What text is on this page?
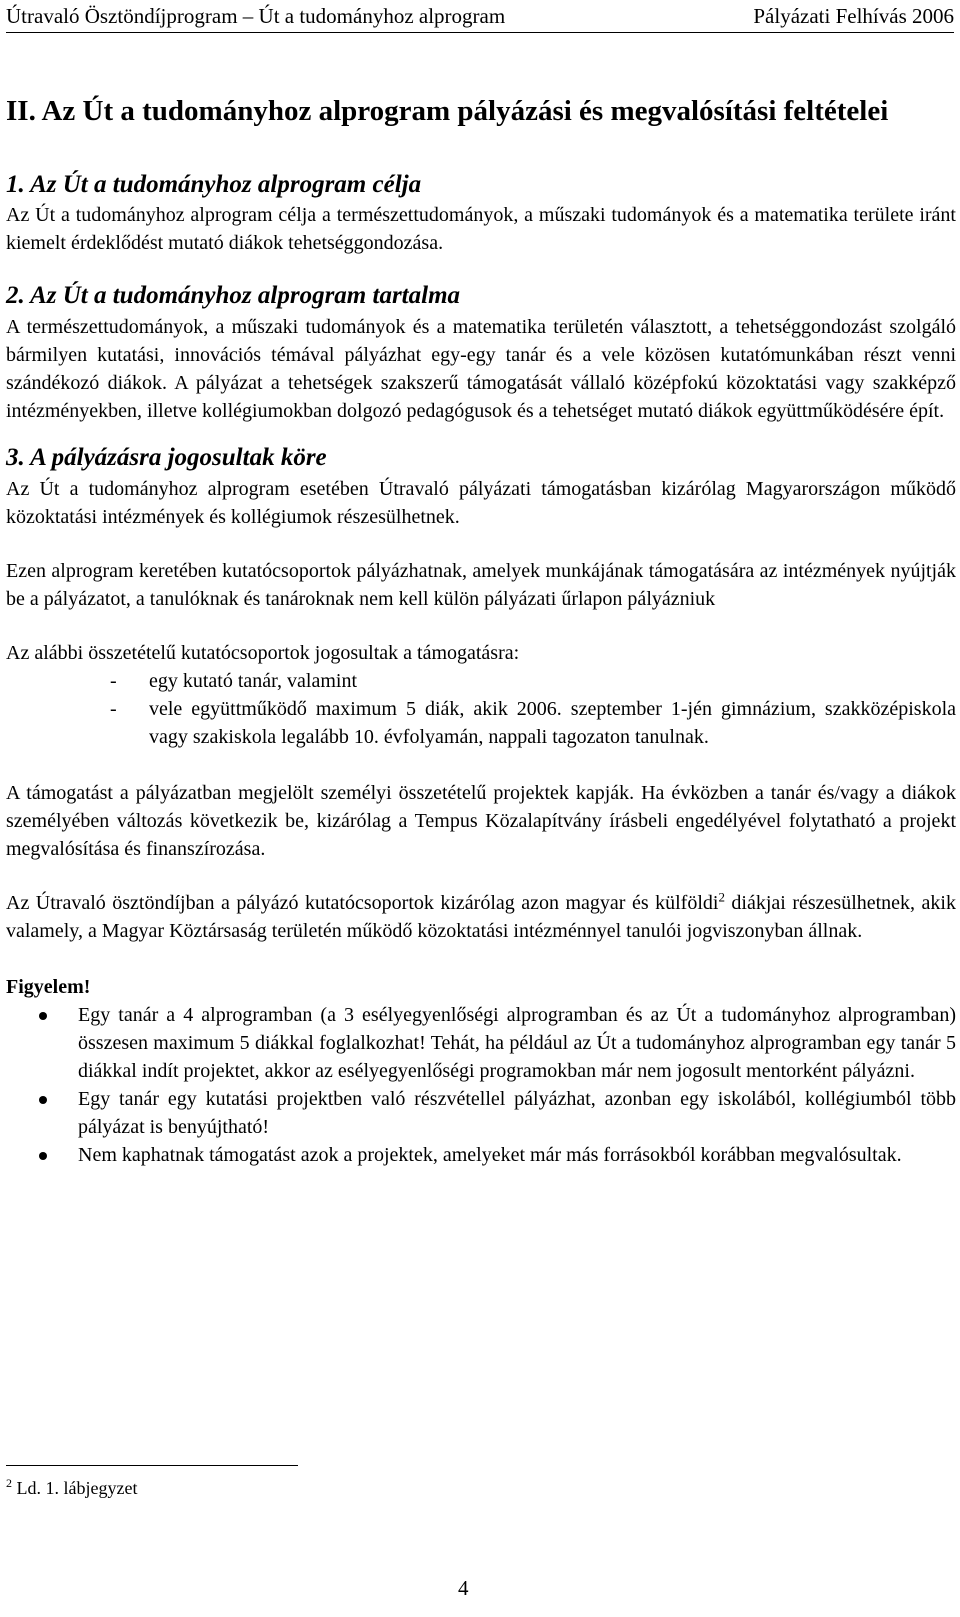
Útravaló Ösztöndíjprogram – Út a tudományhoz alprogram	Pályázati Felhívás 2006
II. Az Út a tudományhoz alprogram pályázási és megvalósítási feltételei
1. Az Út a tudományhoz alprogram célja

Az Út a tudományhoz alprogram célja a természettudományok, a műszaki tudományok és a matematika területe iránt kiemelt érdeklődést mutató diákok tehetséggondozása.

2. Az Út a tudományhoz alprogram tartalma

A természettudományok, a műszaki tudományok és a matematika területén választott, a tehetséggondozást szolgáló bármilyen kutatási, innovációs témával pályázhat egy-egy tanár és a vele közösen kutatómunkában részt venni szándékozó diákok. A pályázat a tehetségek szakszerű támogatását vállaló középfokú közoktatási vagy szakképző intézményekben, illetve kollégiumokban dolgozó pedagógusok és a tehetséget mutató diákok együttműködésére épít.

3. A pályázásra jogosultak köre

Az Út a tudományhoz alprogram esetében Útravaló pályázati támogatásban kizárólag Magyarországon működő közoktatási intézmények és kollégiumok részesülhetnek.

Ezen alprogram keretében kutatócsoportok pályázhatnak, amelyek munkájának támogatására az intézmények nyújtják be a pályázatot, a tanulóknak és tanároknak nem kell külön pályázati űrlapon pályázniuk

Az alábbi összetételű kutatócsoportok jogosultak a támogatásra:

- egy kutató tanár, valamint
- vele együttműködő maximum 5 diák, akik 2006. szeptember 1-jén gimnázium, szakközépiskola vagy szakiskola legalább 10. évfolyamán, nappali tagozaton tanulnak.

A támogatást a pályázatban megjelölt személyi összetételű projektek kapják. Ha évközben a tanár és/vagy a diákok személyében változás következik be, kizárólag a Tempus Közalapítvány írásbeli engedélyével folytatható a projekt megvalósítása és finanszírozása.

Az Útravaló ösztöndíjban a pályázó kutatócsoportok kizárólag azon magyar és külföldi$^2$ diákjai részesülhetnek, akik valamely, a Magyar Köztársaság területén működő közoktatási intézménnyel tanulói jogviszonyban állnak.

Figyelem!

Egy tanár a 4 alprogramban (a 3 esélyegyenlőségi alprogramban és az Út a tudományhoz alprogramban) összesen maximum 5 diákkal foglalkozhat! Tehát, ha például az Út a tudományhoz alprogramban egy tanár 5 diákkal indít projektet, akkor az esélyegyenlőségi programokban már nem jogosult mentorként pályázni.
Egy tanár egy kutatási projektben való részvétellel pályázhat, azonban egy iskolából, kollégiumból több pályázat is benyújtható!
Nem kaphatnak támogatást azok a projektek, amelyeket már más forrásokból korábban megvalósultak.
$^2$ Ld. 1. lábjegyzet
4
